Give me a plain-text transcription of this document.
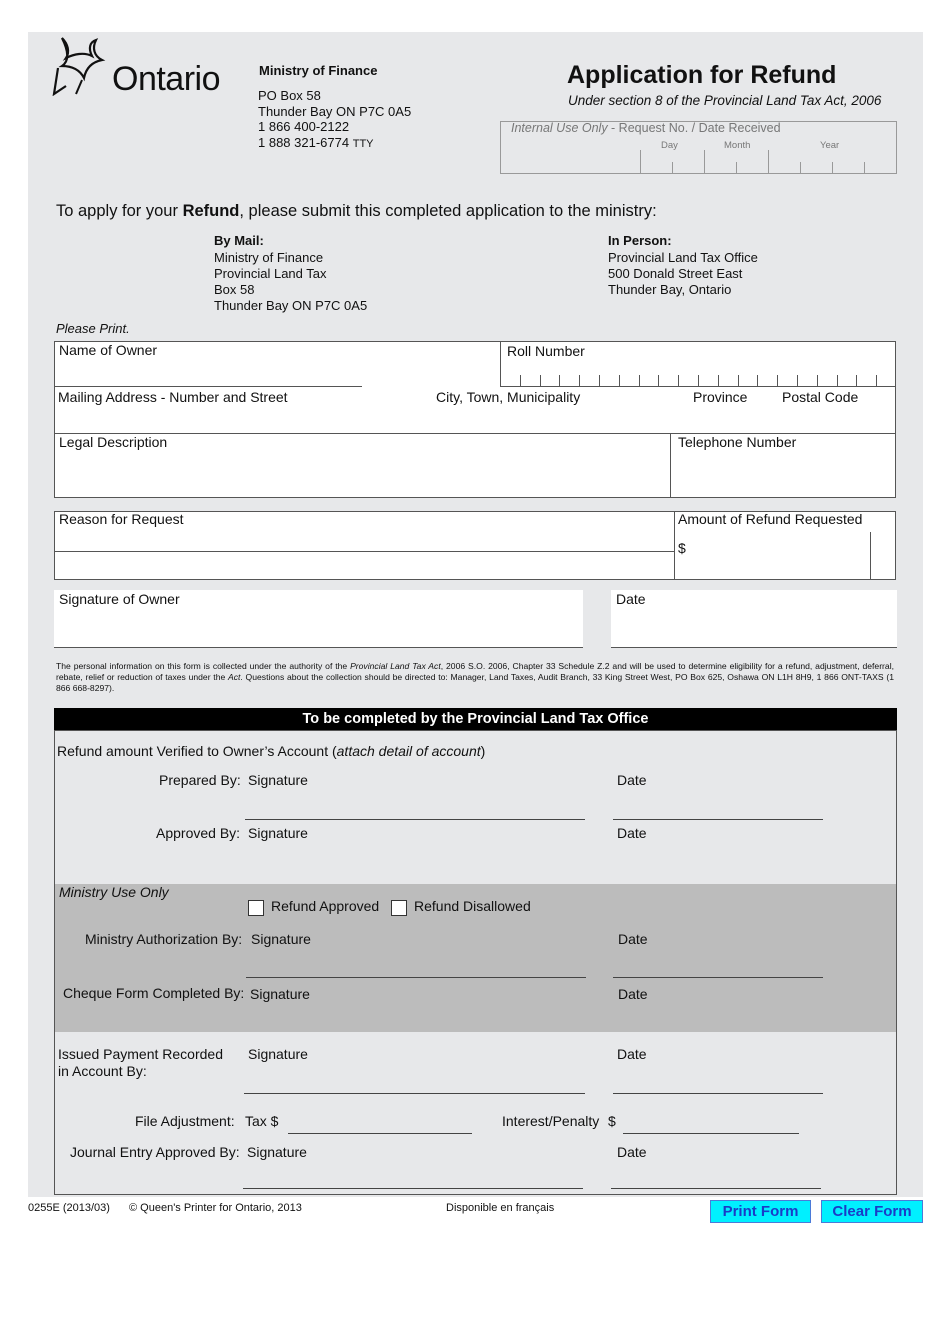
Ontario	Ministry of Finance
PO Box 58
Thunder Bay ON P7C 0A5
1 866 400-2122
1 888 321-6774 TTY
Application for Refund
Under section 8 of the Provincial Land Tax Act, 2006
Internal Use Only - Request No. / Date Received
Day	Month	Year
To apply for your Refund, please submit this completed application to the ministry:
By Mail:
Ministry of Finance
Provincial Land Tax
Box 58
Thunder Bay ON P7C 0A5
In Person:
Provincial Land Tax Office
500 Donald Street East
Thunder Bay, Ontario
Please Print.
Name of Owner	Roll Number
Mailing Address - Number and Street	City, Town, Municipality	Province Postal Code
Legal Description	Telephone Number
Reason for Request	Amount of Refund Requested
$
Signature of Owner	Date
The personal information on this form is collected under the authority of the Provincial Land Tax Act, 2006 S.O. 2006, Chapter 33 Schedule Z.2 and will be used to determine eligibility for a refund, adjustment, deferral, rebate, relief or reduction of taxes under the Act. Questions about the collection should be directed to: Manager, Land Taxes, Audit Branch, 33 King Street West, PO Box 625, Oshawa ON L1H 8H9, 1 866 ONT-TAXS (1 866 668-8297).
To be completed by the Provincial Land Tax Office
Refund amount Verified to Owner’s Account (attach detail of account)
Prepared By: Signature	Date
Approved By: Signature	Date
Ministry Use Only
Refund Approved Refund Disallowed
Ministry Authorization By: Signature	Date
Cheque Form Completed By: Signature	Date
Issued Payment Recorded
in Account By:
Signature	Date
File Adjustment: Tax $	Interest/Penalty $
Journal Entry Approved By: Signature	Date
0255E (2013/03) © Queen's Printer for Ontario, 2013	Disponible en français	Print Form	Clear Form
